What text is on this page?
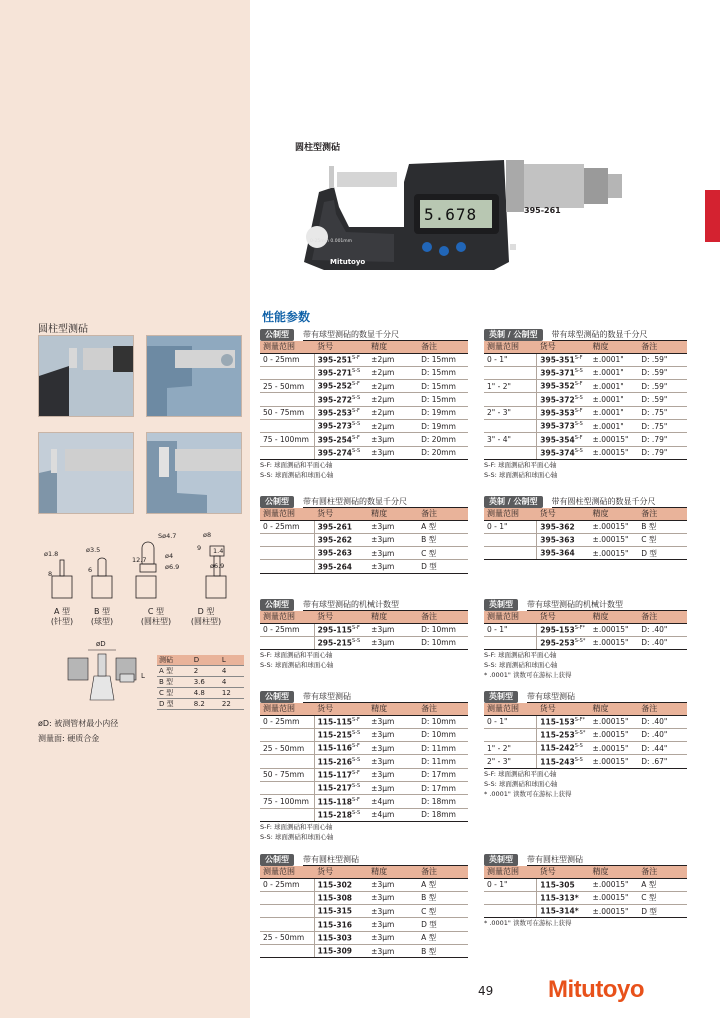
圆柱型测砧
5.678
0-25mm 0.001mm
Mitutoyo
395-261
圆柱型测砧
ø1.8	ø3.5
Sø4.7
ø4
ø6.9
ø8
ø6.9
8	6
12.7
9 1.4
A 型
(针型)
B 型
(球型)
C 型
(圆柱型)
D 型
(圆柱型)
øD
L
测砧	D	L
A 型	2	4
B 型	3.6	4
C 型	4.8	12
D 型	8.2	22
øD: 被测管材最小内径
测量面: 硬质合金
性能参数
公制型	带有球型测砧的数显千分尺
测量范围	货号	精度	备注
0 - 25mm	$395-251^{S-F}$	±2μm	D: 15mm
	$395-271^{S-S}$	±2μm	D: 15mm
25 - 50mm	$395-252^{S-F}$	±2μm	D: 15mm
	$395-272^{S-S}$	±2μm	D: 15mm
50 - 75mm	$395-253^{S-F}$	±2μm	D: 19mm
	$395-273^{S-S}$	±2μm	D: 19mm
75 - 100mm	$395-254^{S-F}$	±3μm	D: 20mm
	$395-274^{S-S}$	±3μm	D: 20mm
S-F: 球面测砧和平面心轴
S-S: 球面测砧和球面心轴
英制 / 公制型	带有球型测砧的数显千分尺
测量范围	货号	精度	备注
0 - 1"	$395-351^{S-F}$	±.0001"	D: .59"
	$395-371^{S-S}$	±.0001"	D: .59"
1" - 2"	$395-352^{S-F}$	±.0001"	D: .59"
	$395-372^{S-S}$	±.0001"	D: .59"
2" - 3"	$395-353^{S-F}$	±.0001"	D: .75"
	$395-373^{S-S}$	±.0001"	D: .75"
3" - 4"	$395-354^{S-F}$	±.00015"	D: .79"
	$395-374^{S-S}$	±.00015"	D: .79"
S-F: 球面测砧和平面心轴
S-S: 球面测砧和球面心轴
公制型	带有圆柱型测砧的数显千分尺
测量范围	货号	精度	备注
0 - 25mm	395-261	±3μm	A 型
	395-262	±3μm	B 型
	395-263	±3μm	C 型
	395-264	±3μm	D 型
英制 / 公制型	带有圆柱型测砧的数显千分尺
测量范围	货号	精度	备注
0 - 1"	395-362	±.00015"	B 型
	395-363	±.00015"	C 型
	395-364	±.00015"	D 型
公制型	带有球型测砧的机械计数型
测量范围	货号	精度	备注
0 - 25mm	$295-115^{S-F}$	±3μm	D: 10mm
	$295-215^{S-S}$	±3μm	D: 10mm
S-F: 球面测砧和平面心轴
S-S: 球面测砧和球面心轴
英制型	带有球型测砧的机械计数型
测量范围	货号	精度	备注
0 - 1"	$295-153^{S-F*}$	±.00015"	D: .40"
	$295-253^{S-S*}$	±.00015"	D: .40"
S-F: 球面测砧和平面心轴
S-S: 球面测砧和球面心轴
* .0001" 读数可在游标上获得
公制型	带有球型测砧
测量范围	货号	精度	备注
0 - 25mm	$115-115^{S-F}$	±3μm	D: 10mm
	$115-215^{S-S}$	±3μm	D: 10mm
25 - 50mm	$115-116^{S-F}$	±3μm	D: 11mm
	$115-216^{S-S}$	±3μm	D: 11mm
50 - 75mm	$115-117^{S-F}$	±3μm	D: 17mm
	$115-217^{S-S}$	±3μm	D: 17mm
75 - 100mm	$115-118^{S-F}$	±4μm	D: 18mm
	$115-218^{S-S}$	±4μm	D: 18mm
S-F: 球面测砧和平面心轴
S-S: 球面测砧和球面心轴
英制型	带有球型测砧
测量范围	货号	精度	备注
0 - 1"	$115-153^{S-F*}$	±.00015"	D: .40"
	$115-253^{S-S*}$	±.00015"	D: .40"
1" - 2"	$115-242^{S-S}$	±.00015"	D: .44"
2" - 3"	$115-243^{S-S}$	±.00015"	D: .67"
S-F: 球面测砧和平面心轴
S-S: 球面测砧和球面心轴
* .0001" 读数可在游标上获得
公制型	带有圆柱型测砧
测量范围	货号	精度	备注
0 - 25mm	115-302	±3μm	A 型
	115-308	±3μm	B 型
	115-315	±3μm	C 型
	115-316	±3μm	D 型
25 - 50mm	115-303	±3μm	A 型
	115-309	±3μm	B 型
英制型	带有圆柱型测砧
测量范围	货号	精度	备注
0 - 1"	115-305	±.00015"	A 型
	115-313*	±.00015"	C 型
	115-314*	±.00015"	D 型
* .0001" 读数可在游标上获得
49 Mitutoyo
